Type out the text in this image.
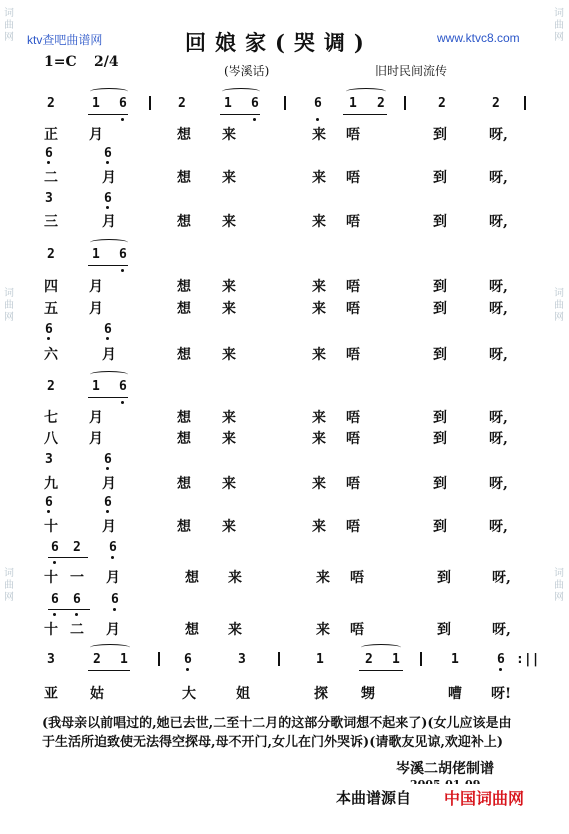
词
曲
网
词
曲
网
词
曲
网
词
曲
网
词
曲
网
词
曲
网
ktv查吧曲谱网	www.ktvc8.com
回娘家(哭调)
1=C 2/4
(岑溪话)	旧时民间流传
2	1 6	2	1 6	6 1 2	2	2
正 月	想 来	来 唔	到	呀,
6	6
二	月	想 来	来 唔	到	呀,
3	6
三	月	想 来	来 唔	到	呀,
2	1 6
四 月	想 来	来 唔	到	呀,
五 月	想 来	来 唔	到	呀,
6	6
六	月	想 来	来 唔	到	呀,
2	1 6
七 月	想 来	来 唔	到	呀,
八 月	想 来	来 唔	到	呀,
3	6
九	月	想 来	来 唔	到	呀,
6	6
十	月	想 来	来 唔	到	呀,
6 2 6
十 一 月	想 来	来 唔	到	呀,
6 6 6
十 二 月	想 来	来 唔	到	呀,
3	2 1	6	3	1	2 1	1	6 :||
亚 姑	大	姐	探 甥	嘈 呀!
(我母亲以前唱过的,她已去世,二至十二月的这部分歌词想不起来了)(女儿应该是由于生活所迫致使无法得空探母,母不开门,女儿在门外哭诉)(请歌友见谅,欢迎补上)
岑溪二胡佬制谱
本曲谱源自 中国词曲网
